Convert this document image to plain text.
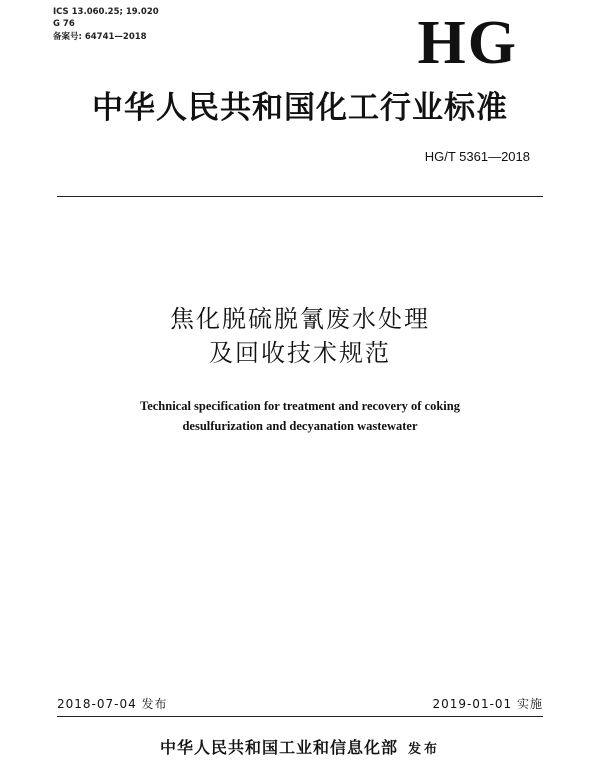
ICS 13.060.25; 19.020
G 76
备案号: 64741—2018	HG
中华人民共和国化工行业标准
HG/T 5361—2018
焦化脱硫脱氰废水处理
及回收技术规范
Technical specification for treatment and recovery of coking
desulfurization and decyanation wastewater
2018-07-04 发布	2019-01-01 实施
中华人民共和国工业和信息化部 发布
